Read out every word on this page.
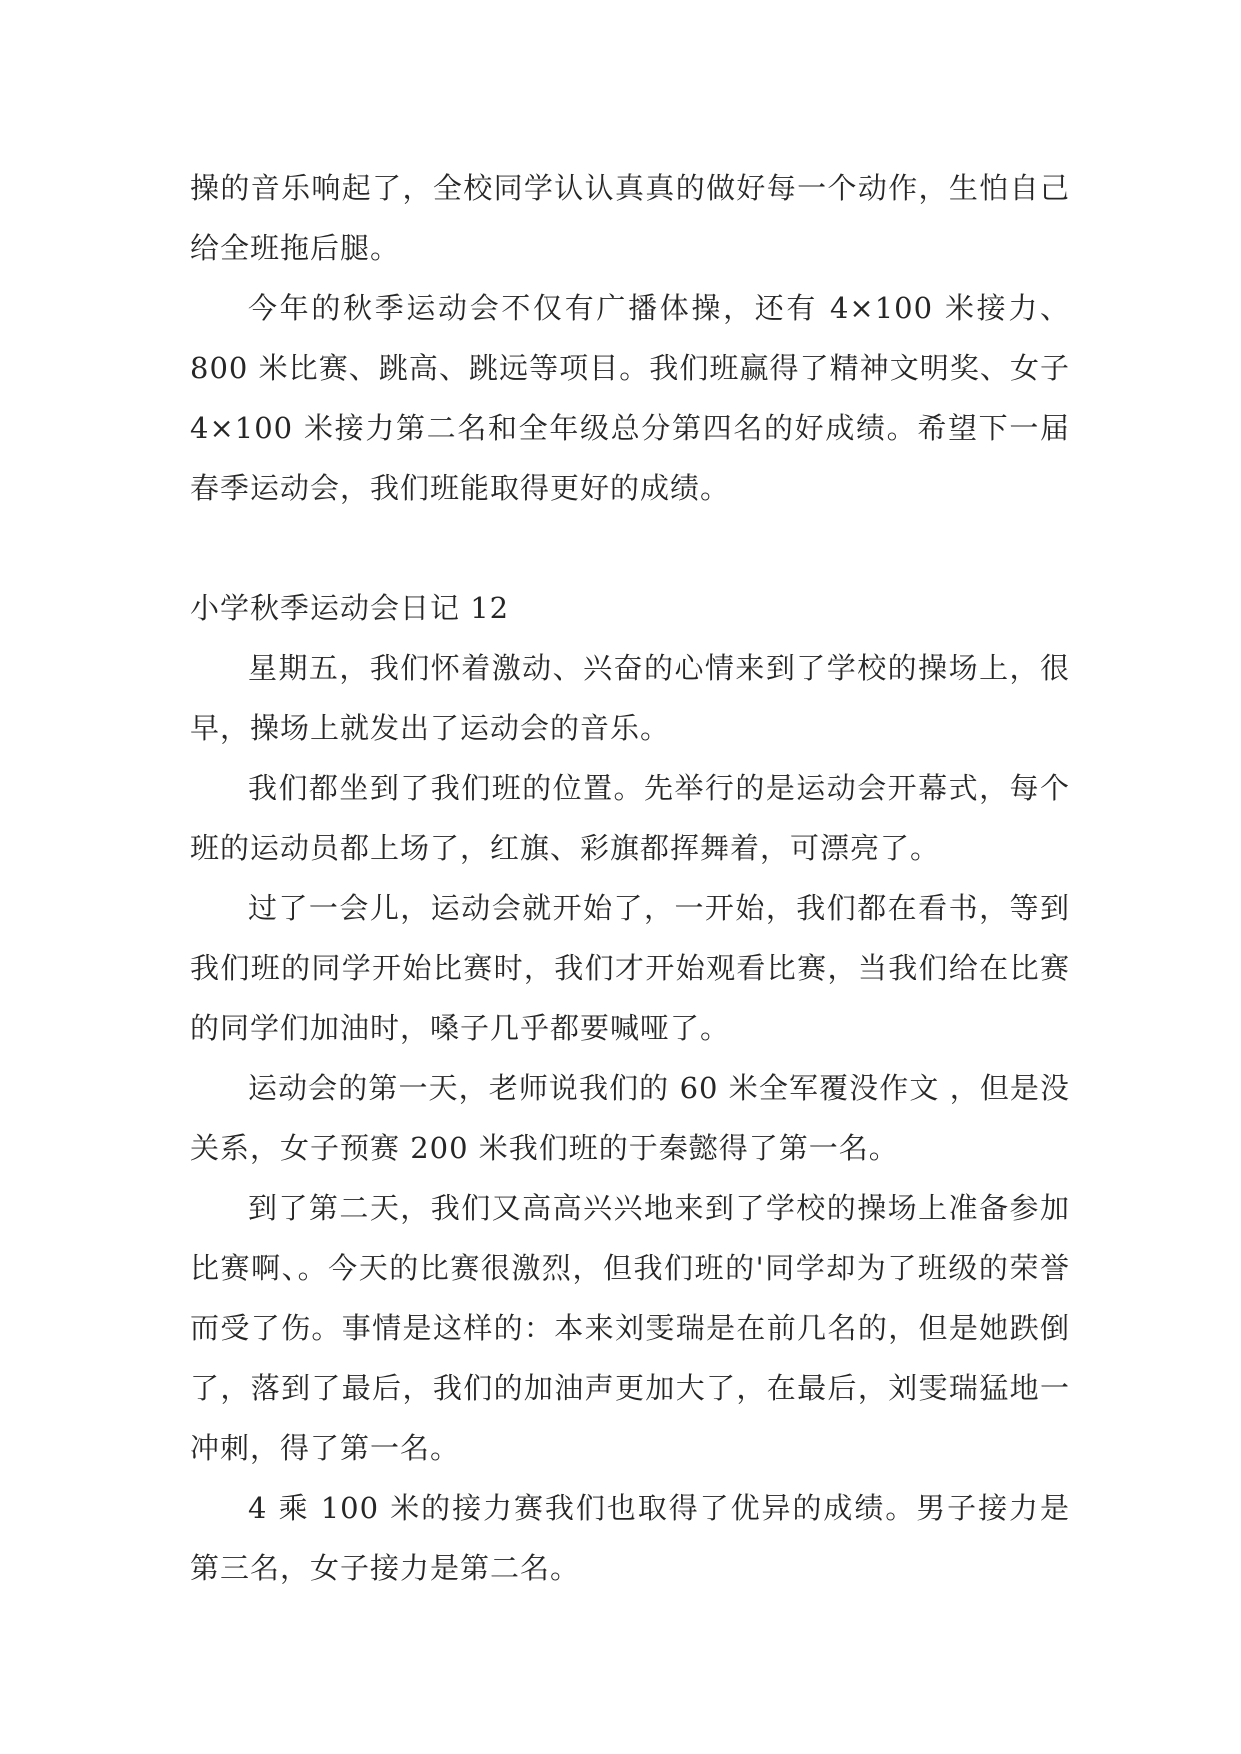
操的音乐响起了，全校同学认认真真的做好每一个动作，生怕自己给全班拖后腿。

今年的秋季运动会不仅有广播体操，还有 4×100 米接力、800 米比赛、跳高、跳远等项目。我们班赢得了精神文明奖、女子 4×100 米接力第二名和全年级总分第四名的好成绩。希望下一届春季运动会，我们班能取得更好的成绩。

小学秋季运动会日记 12

星期五，我们怀着激动、兴奋的心情来到了学校的操场上，很早，操场上就发出了运动会的音乐。

我们都坐到了我们班的位置。先举行的是运动会开幕式，每个班的运动员都上场了，红旗、彩旗都挥舞着，可漂亮了。

过了一会儿，运动会就开始了，一开始，我们都在看书，等到我们班的同学开始比赛时，我们才开始观看比赛，当我们给在比赛的同学们加油时，嗓子几乎都要喊哑了。

运动会的第一天，老师说我们的 60 米全军覆没作文 ，但是没关系，女子预赛 200 米我们班的于秦懿得了第一名。

到了第二天，我们又高高兴兴地来到了学校的操场上准备参加比赛啊、。今天的比赛很激烈，但我们班的'同学却为了班级的荣誉而受了伤。事情是这样的：本来刘雯瑞是在前几名的，但是她跌倒了，落到了最后，我们的加油声更加大了，在最后，刘雯瑞猛地一冲刺，得了第一名。

4 乘 100 米的接力赛我们也取得了优异的成绩。男子接力是第三名，女子接力是第二名。
